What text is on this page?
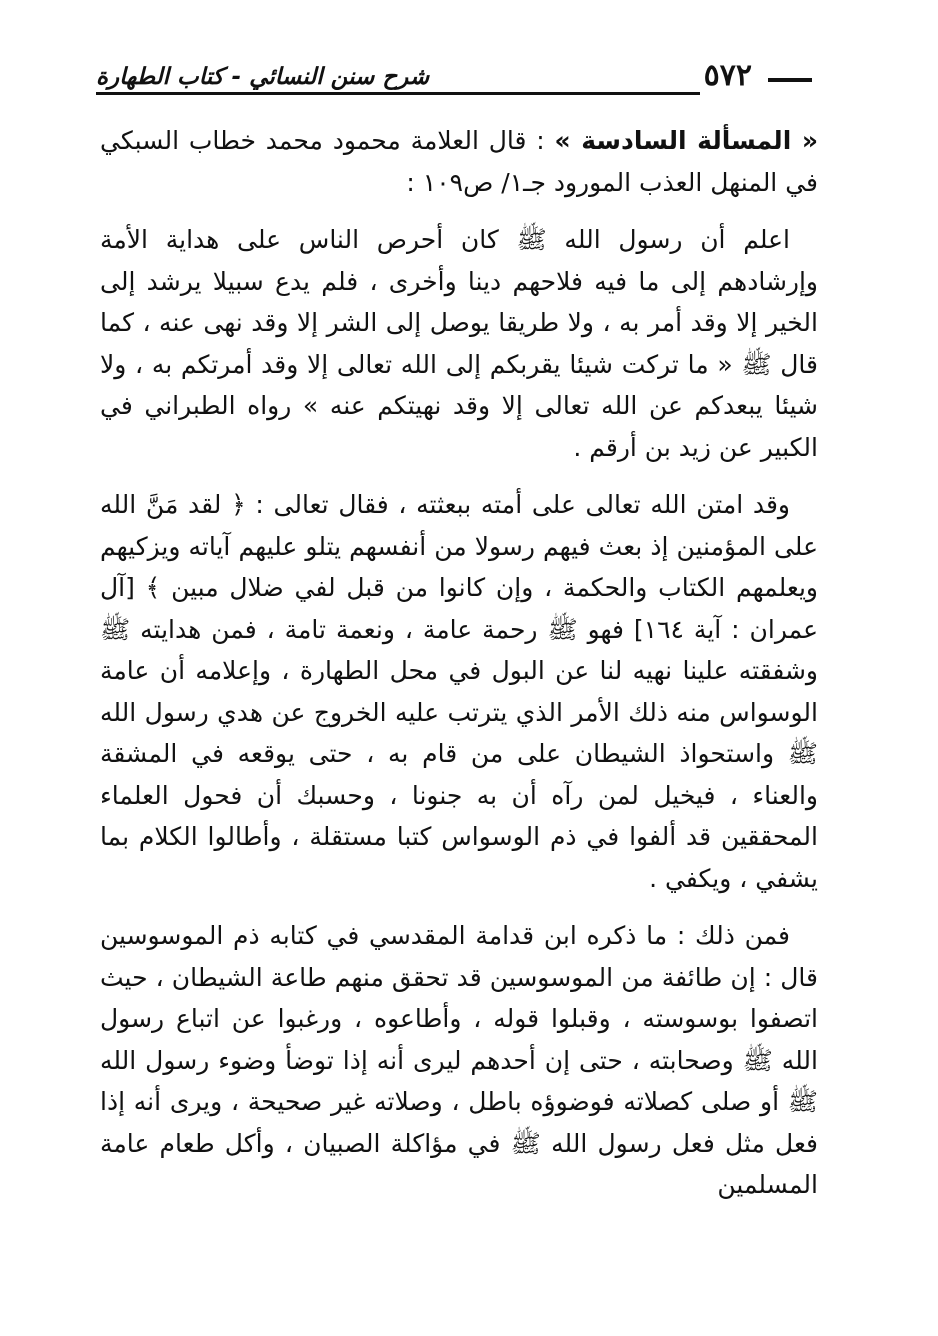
٥٧٢
شرح سنن النسائي - كتاب الطهارة

« المسألة السادسة » : قال العلامة محمود محمد خطاب السبكي في المنهل العذب المورود جـ١/ ص١٠٩ :

اعلم أن رسول الله ﷺ كان أحرص الناس على هداية الأمة وإرشادهم إلى ما فيه فلاحهم دينا وأخرى ، فلم يدع سبيلا يرشد إلى الخير إلا وقد أمر به ، ولا طريقا يوصل إلى الشر إلا وقد نهى عنه ، كما قال ﷺ « ما تركت شيئا يقربكم إلى الله تعالى إلا وقد أمرتكم به ، ولا شيئا يبعدكم عن الله تعالى إلا وقد نهيتكم عنه » رواه الطبراني في الكبير عن زيد بن أرقم .

وقد امتن الله تعالى على أمته ببعثته ، فقال تعالى : ﴿ لقد مَنَّ الله على المؤمنين إذ بعث فيهم رسولا من أنفسهم يتلو عليهم آياته ويزكيهم ويعلمهم الكتاب والحكمة ، وإن كانوا من قبل لفي ضلال مبين ﴾ [آل عمران : آية ١٦٤] فهو ﷺ رحمة عامة ، ونعمة تامة ، فمن هدايته ﷺ وشفقته علينا نهيه لنا عن البول في محل الطهارة ، وإعلامه أن عامة الوسواس منه ذلك الأمر الذي يترتب عليه الخروج عن هدي رسول الله ﷺ واستحواذ الشيطان على من قام به ، حتى يوقعه في المشقة والعناء ، فيخيل لمن رآه أن به جنونا ، وحسبك أن فحول العلماء المحققين قد ألفوا في ذم الوسواس كتبا مستقلة ، وأطالوا الكلام بما يشفي ، ويكفي .

فمن ذلك : ما ذكره ابن قدامة المقدسي في كتابه ذم الموسوسين قال : إن طائفة من الموسوسين قد تحقق منهم طاعة الشيطان ، حيث اتصفوا بوسوسته ، وقبلوا قوله ، وأطاعوه ، ورغبوا عن اتباع رسول الله ﷺ وصحابته ، حتى إن أحدهم ليرى أنه إذا توضأ وضوء رسول الله ﷺ أو صلى كصلاته فوضوؤه باطل ، وصلاته غير صحيحة ، ويرى أنه إذا فعل مثل فعل رسول الله ﷺ في مؤاكلة الصبيان ، وأكل طعام عامة المسلمين
